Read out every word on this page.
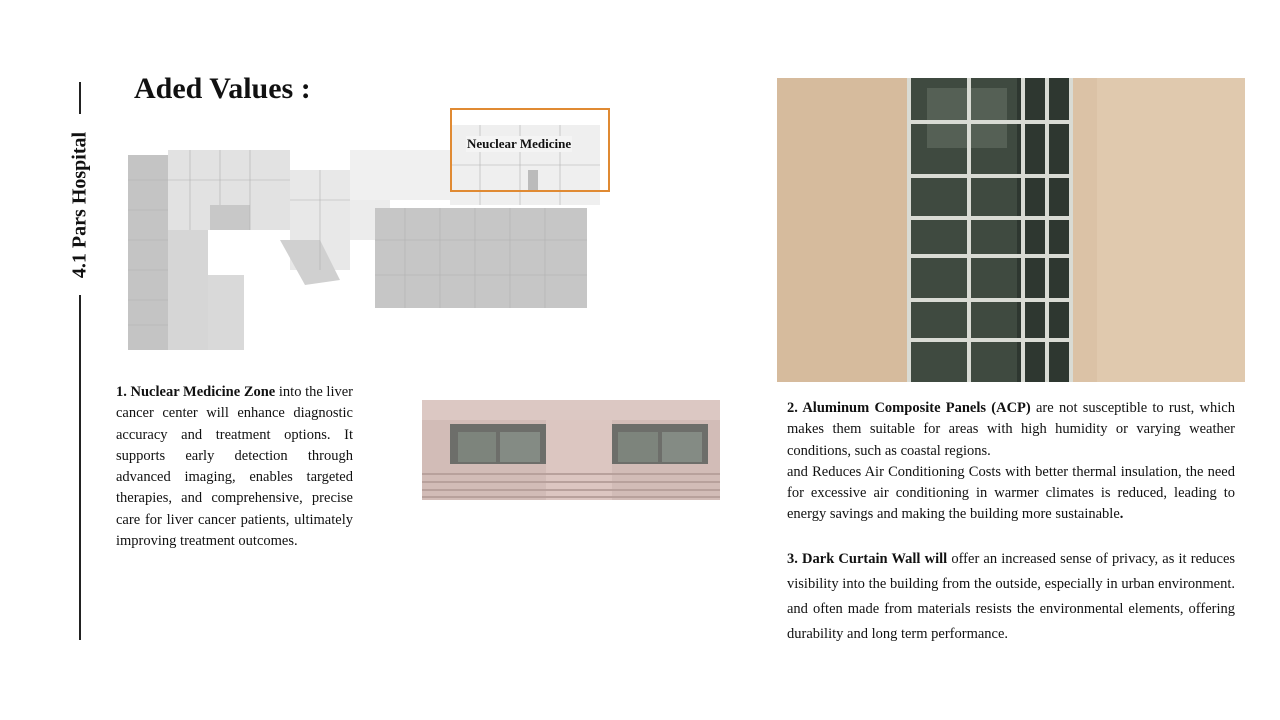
4.1 Pars Hospital
Aded Values :
Neuclear Medicine
1. Nuclear Medicine Zone into the liver cancer center will enhance diagnostic accuracy and treatment options. It supports early detection through advanced imaging, enables targeted therapies, and comprehensive, precise care for liver cancer patients, ultimately improving treatment outcomes.

2. Aluminum Composite Panels (ACP) are not susceptible to rust, which makes them suitable for areas with high humidity or varying weather conditions, such as coastal regions.

and Reduces Air Conditioning Costs with better thermal insulation, the need for excessive air conditioning in warmer climates is reduced, leading to energy savings and making the building more sustainable.

3. Dark Curtain Wall will offer an increased sense of privacy, as it reduces visibility into the building from the outside, especially in urban environment. and often made from materials resists the environmental elements, offering durability and long term performance.
